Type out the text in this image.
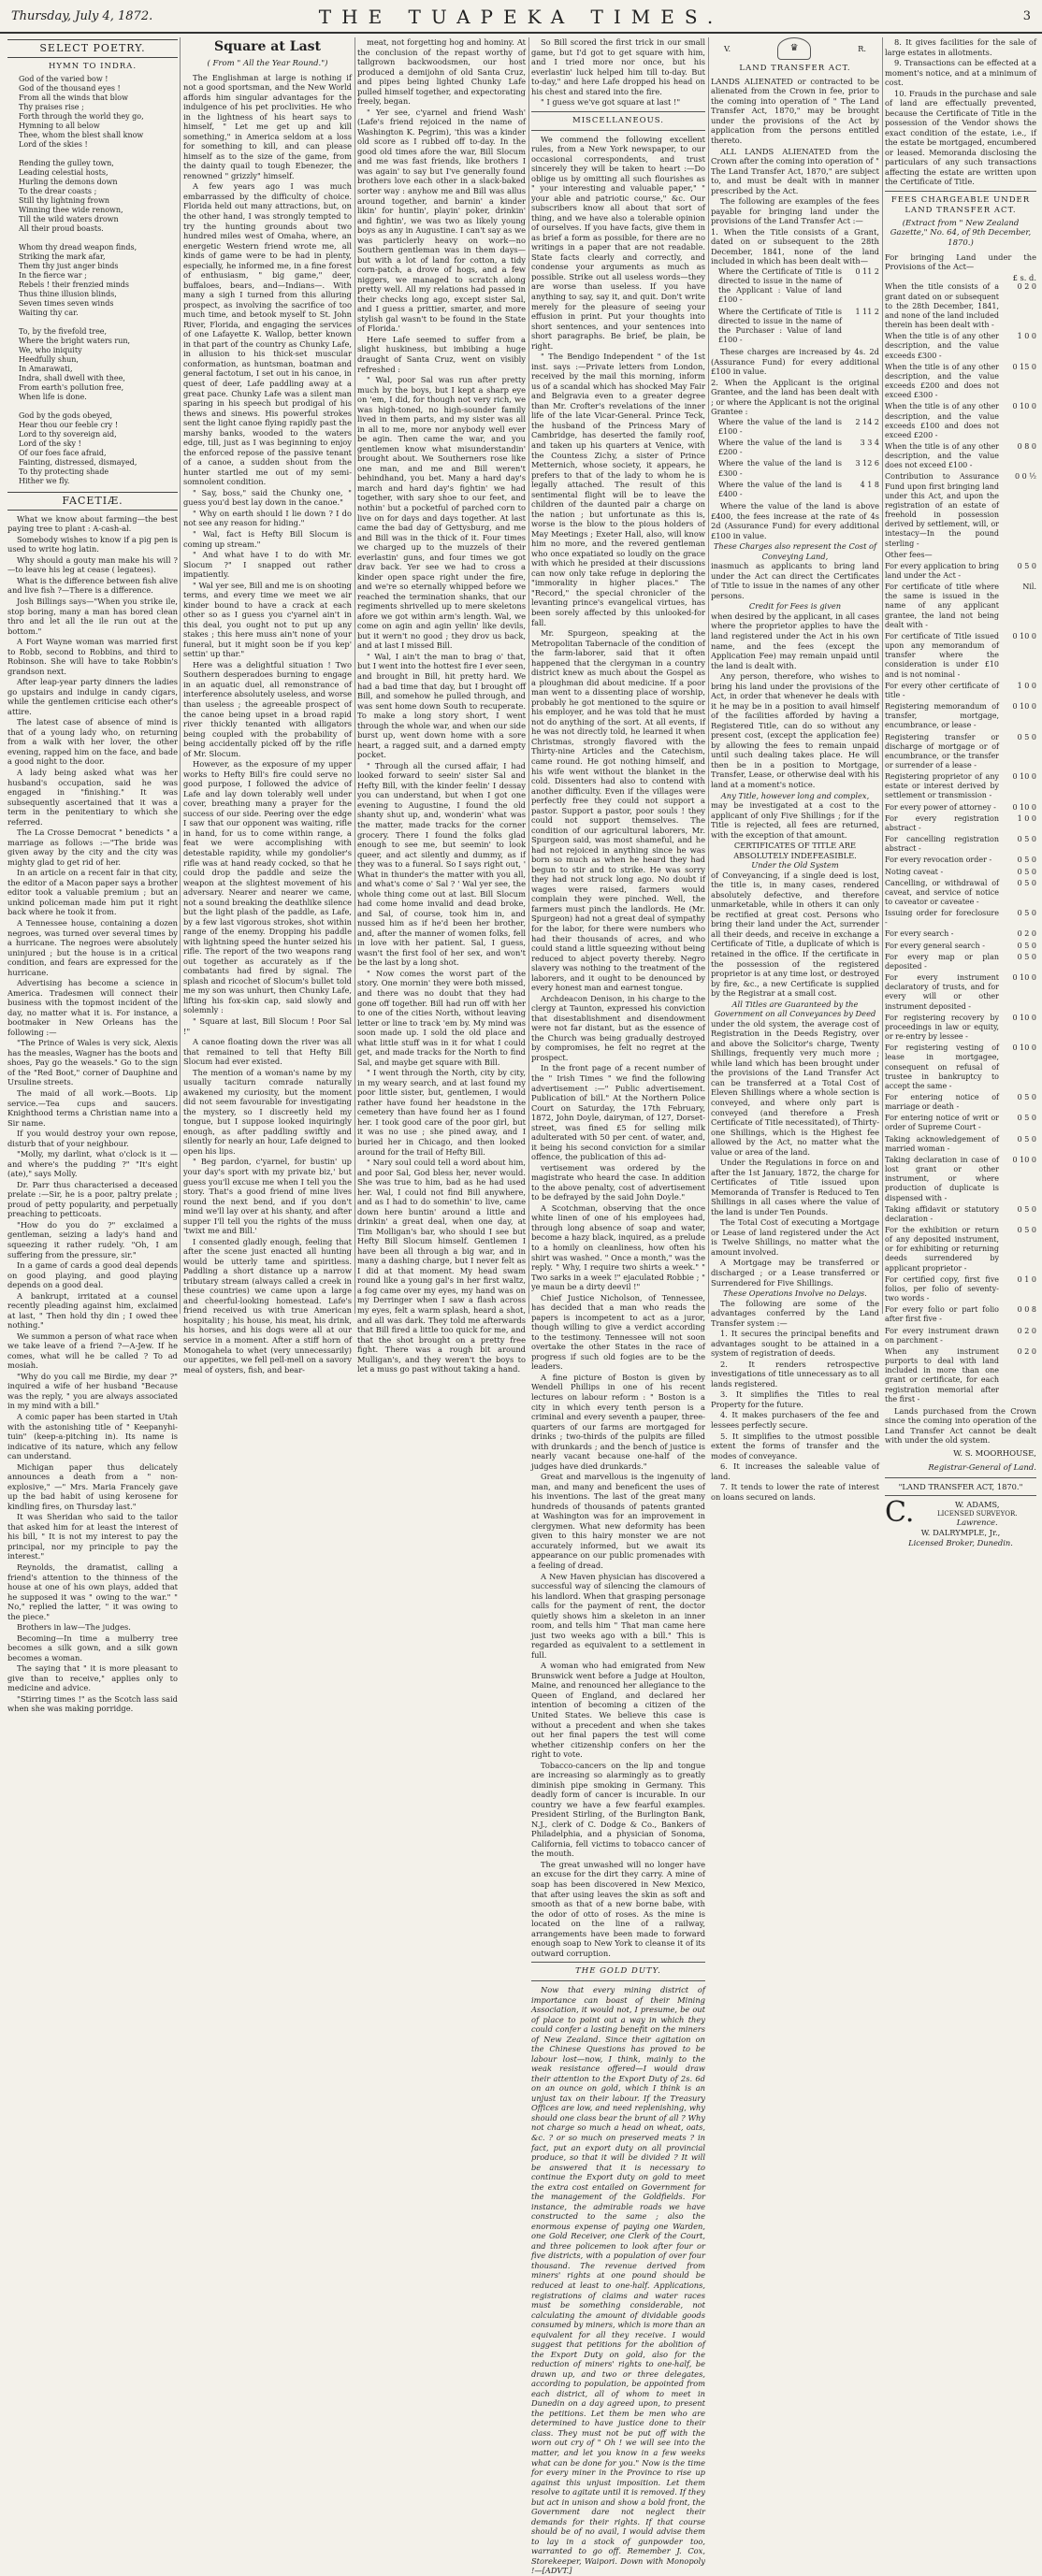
Thursday, July 4, 1872.	THE TUAPEKA TIMES.	3
SELECT POETRY.
HYMN TO INDRA.
God of the varied bow !
God of the thousand eyes !
From all the winds that blow
Thy praises rise ;
Forth through the world they go,
Hymning to all below
Thee, whom the blest shall know
Lord of the skies !

Rending the gulley town,
Leading celestial hosts,
Hurling the demons down
To the drear coasts ;
Still thy lightning frown
Winning thee wide renown,
Till the wild waters drown
All their proud boasts.

Whom thy dread weapon finds,
Striking the mark afar,
Them thy just anger binds
In the fierce war ;
Rebels ! their frenzied minds
Thus thine illusion blinds,
Seven times seven winds
Waiting thy car.

To, by the fivefold tree,
Where the bright waters run,
We, who iniquity
Heedfully shun,
In Amarawati,
Indra, shall dwell with thee,
From earth's pollution free,
When life is done.

God by the gods obeyed,
Hear thou our feeble cry !
Lord to thy sovereign aid,
Lord of the sky !
Of our foes face afraid,
Fainting, distressed, dismayed,
To thy protecting shade
Hither we fly.
FACETIÆ.

What we know about farming—the best paying tree to plant : A-cash-al.

Somebody wishes to know if a pig pen is used to write hog latin.

Why should a gouty man make his will ?—to leave his leg at cease ( legatees).

What is the difference between fish alive and live fish ?—There is a difference.

Josh Billings says—"When you strike ile, stop boring, many a man has bored clean thro and let all the ile run out at the bottom."

A Fort Wayne woman was married first to Robb, second to Robbins, and third to Robinson. She will have to take Robbin's grandson next.

After leap-year party dinners the ladies go upstairs and indulge in candy cigars, while the gentlemen criticise each other's attire.

The latest case of absence of mind is that of a young lady who, on returning from a walk with her lover, the other evening, rapped him on the face, and bade a good night to the door.

A lady being asked what was her husband's occupation, said he was engaged in "finishing." It was subsequently ascertained that it was a term in the penitentiary to which she referred.

The La Crosse Democrat " benedicts " a marriage as follows :—"The bride was given away by the city and the city was mighty glad to get rid of her.

In an article on a recent fair in that city, the editor of a Macon paper says a brother editor took a valuable premium ; but an unkind policeman made him put it right back where he took it from.

A Tennessee house, containing a dozen negroes, was turned over several times by a hurricane. The negroes were absolutely uninjured ; but the house is in a critical condition, and fears are expressed for the hurricane.

Advertising has become a science in America. Tradesmen will connect their business with the topmost incident of the day, no matter what it is. For instance, a bootmaker in New Orleans has the following :—

"The Prince of Wales is very sick, Alexis has the measles, Wagner has the boots and shoes, Pay go the weasels." Go to the sign of the "Red Boot," corner of Dauphine and Ursuline streets.

The maid of all work.—Boots. Lip service.—Tea cups and saucers. Knighthood terms a Christian name into a Sir name.

If you would destroy your own repose, disturb that of your neighbour.

"Molly, my darlint, what o'clock is it —and where's the pudding ?" "It's eight (ate)," says Molly.

Dr. Parr thus characterised a deceased prelate :—Sir, he is a poor, paltry prelate ; proud of petty popularity, and perpetually preaching to petticoats.

"How do you do ?" exclaimed a gentleman, seizing a lady's hand and squeezing it rather rudely. "Oh, I am suffering from the pressure, sir."

In a game of cards a good deal depends on good playing, and good playing depends on a good deal.

A bankrupt, irritated at a counsel recently pleading against him, exclaimed at last, " Then hold thy din ; I owed thee nothing."

We summon a person of what race when we take leave of a friend ?—A-Jew. If he comes, what will he be called ? To ad mosiah.

"Why do you call me Birdie, my dear ?" inquired a wife of her husband "Because was the reply, " you are always associated in my mind with a bill."

A comic paper has been started in Utah with the astonishing title of " Keepanyhi-tuin" (keep-a-pitching in). Its name is indicative of its nature, which any fellow can understand.

Michigan paper thus delicately announces a death from a " non-explosive," —" Mrs. Maria Francely gave up the bad habit of using kerosene for kindling fires, on Thursday last."

It was Sheridan who said to the tailor that asked him for at least the interest of his bill, " It is not my interest to pay the principal, nor my principle to pay the interest."

Reynolds, the dramatist, calling a friend's attention to the thinness of the house at one of his own plays, added that he supposed it was " owing to the war." " No," replied the latter, " it was owing to the piece."

Brothers in law—The judges.

Becoming—In time a mulberry tree becomes a silk gown, and a silk gown becomes a woman.

The saying that " it is more pleasant to give than to receive," applies only to medicine and advice.

"Stirring times !" as the Scotch lass said when she was making porridge.

Square at Last
( From " All the Year Round.")

The Englishman at large is nothing if not a good sportsman, and the New World affords him singular advantages for the indulgence of his pet proclivities. He who in the lightness of his heart says to himself, " Let me get up and kill something," in America seldom at a loss for something to kill, and can please himself as to the size of the game, from the dainty quail to tough Ebenezer, the renowned " grizzly" himself.

A few years ago I was much embarrassed by the difficulty of choice. Florida held out many attractions, but, on the other hand, I was strongly tempted to try the hunting grounds about two hundred miles west of Omaha, where, an energetic Western friend wrote me, all kinds of game were to be had in plenty, especially, he informed me, in a fine forest of enthusiasm, " big game," deer, buffaloes, bears, and—Indians—. With many a sigh I turned from this alluring prospect, as involving the sacrifice of too much time, and betook myself to St. John River, Florida, and engaging the services of one Lafayette K. Wallop, better known in that part of the country as Chunky Lafe, in allusion to his thick-set muscular conformation, as huntsman, boatman and general factotum, I set out in his canoe, in quest of deer, Lafe paddling away at a great pace. Chunky Lafe was a silent man sparing in his speech but prodigal of his thews and sinews. His powerful strokes sent the light canoe flying rapidly past the marshy banks, wooded to the waters edge, till, just as I was beginning to enjoy the enforced repose of the passive tenant of a canoe, a sudden shout from the hunter startled me out of my semi-somnolent condition.

" Say, boss," said the Chunky one, " guess you'd best lay down in the canoe."

" Why on earth should I lie down ? I do not see any reason for hiding."

" Wal, fact is Hefty Bill Slocum is coming up stream."

" And what have I to do with Mr. Slocum ?" I snapped out rather impatiently.

" Wal yer see, Bill and me is on shooting terms, and every time we meet we air kinder bound to have a crack at each other so as I guess you c'yarnel ain't in this deal, you ought not to put up any stakes ; this here muss ain't none of your funeral, but it might soon be if you kep' settin' up thar."

Here was a delightful situation ! Two Southern desperadoes burning to engage in an aquatic duel, all remonstrance of interference absolutely useless, and worse than useless ; the agreeable prospect of the canoe being upset in a broad rapid river thickly tenanted with alligators being coupled with the probability of being accidentally picked off by the rifle of Mr. Slocum.

However, as the exposure of my upper works to Hefty Bill's fire could serve no good purpose, I followed the advice of Lafe and lay down tolerably well under cover, breathing many a prayer for the success of our side. Peering over the edge I saw that our opponent was waiting, rifle in hand, for us to come within range, a feat we were accomplishing with detestable rapidity, while my gondolier's rifle was at hand ready cocked, so that he could drop the paddle and seize the weapon at the slightest movement of his adversary. Nearer and nearer we came, not a sound breaking the deathlike silence but the light plash of the paddle, as Lafe, by a few last vigorous strokes, shot within range of the enemy. Dropping his paddle with lightning speed the hunter seized his rifle. The report of the two weapons rang out together as accurately as if the combatants had fired by signal. The splash and ricochet of Slocum's bullet told me my son was unhurt, then Chunky Lafe, lifting his fox-skin cap, said slowly and solemnly :

" Square at last, Bill Slocum ! Poor Sal !"

A canoe floating down the river was all that remained to tell that Hefty Bill Slocum had ever existed.

The mention of a woman's name by my usually taciturn comrade naturally awakened my curiosity, but the moment did not seem favourable for investigating the mystery, so I discreetly held my tongue, but I suppose looked inquiringly enough, as after paddling swiftly and silently for nearly an hour, Lafe deigned to open his lips.

" Beg pardon, c'yarnel, for bustin' up your day's sport with my private biz,' but guess you'll excuse me when I tell you the story. That's a good friend of mine lives round the next bend, and if you don't mind we'll lay over at his shanty, and after supper I'll tell you the rights of the muss 'twixt me and Bill.'

I consented gladly enough, feeling that after the scene just enacted all hunting would be utterly tame and spiritless. Paddling a short distance up a narrow tributary stream (always called a creek in these countries) we came upon a large and cheerful-looking homestead. Lafe's friend received us with true American hospitality ; his house, his meat, his drink, his horses, and his dogs were all at our service in a moment. After a stiff horn of Monogahela to whet (very unnecessarily) our appetites, we fell pell-mell on a savory meal of oysters, fish, and bear-

meat, not forgetting hog and hominy. At the conclusion of the repast worthy of tallgrown backwoodsmen, our host produced a demijohn of old Santa Cruz, and pipes being lighted Chunky Lafe pulled himself together, and expectorating freely, began.

" Yer see, c'yarnel and friend Wash' (Lafe's friend rejoiced in the name of Washington K. Pegrim), 'this was a kinder old score as I rubbed off to-day. In the good old times afore the war, Bill Slocum and me was fast friends, like brothers I was again' to say but I've generally found brothers love each other in a slack-baked sorter way : anyhow me and Bill was allus around together, and barnin' a kinder likin' for huntin', playin' poker, drinkin' and fightin', we was two as likely young boys as any in Augustine. I can't say as we was particlerly heavy on work—no Southern gentleman was in them days—but with a lot of land for cotton, a tidy corn-patch, a drove of hogs, and a few niggers, we managed to scratch along pretty well. All my relations had passed in their checks long ago, except sister Sal, and I guess a prittier, smarter, and more stylish gal wasn't to be found in the State of Florida.'

Here Lafe seemed to suffer from a slight huskiness, but imbibing a huge draught of Santa Cruz, went on visibly refreshed :

" Wal, poor Sal was run after pretty much by the boys, but I kept a sharp eye on 'em, I did, for though not very rich, we was high-toned, no high-sounder family lived in them parts, and my sister was all in all to me, more nor anybody well ever be agin. Then came the war, and you gentlemen know what misunderstandin' brought about. We Southerners rose like one man, and me and Bill weren't behindhand, you bet. Many a hard day's march and hard day's fightin' we had together, with sary shoe to our feet, and nothin' but a pocketful of parched corn to live on for days and days together. At last came the bad day of Gettysburg, and me and Bill was in the thick of it. Four times we charged up to the muzzels of their everlastin' guns, and four times we got drav back. Yer see we had to cross a kinder open space right under the fire, and we're so eternally whipped before we reached the termination shanks, that our regiments shrivelled up to mere skeletons afore we got within arm's length. Wal, we come on agin and agin yellin' like devils, but it wern't no good ; they drov us back, and at last I missed Bill.

" Wal, I ain't the man to brag o' that, but I went into the hottest fire I ever seen, and brought in Bill, hit pretty hard. We had a bad time that day, but I brought off Bill, and somehow he pulled through, and was sent home down South to recuperate. To make a long story short, I went through the whole war, and when our side burst up, went down home with a sore heart, a ragged suit, and a darned empty pocket.

" Through all the cursed affair, I had looked forward to seein' sister Sal and Hefty Bill, with the kinder feelin' I dessay you can understand, but when I got one evening to Augustine, I found the old shanty shut up, and, wonderin' what was the matter, made tracks for the corner grocery. There I found the folks glad enough to see me, but seemin' to look queer, and act silently and dummy, as if they was to a funeral. So I says right out, ' What in thunder's the matter with you all, and what's come o' Sal ? ' Wal yer see, the whole thing come out at last. Bill Slocum had come home invalid and dead broke, and Sal, of course, took him in, and nussed him as if he'd been her brother, and, after the manner of women folks, fell in love with her patient. Sal, I guess, wasn't the first fool of her sex, and won't be the last by a long shot.

" Now comes the worst part of the story. One mornin' they were both missed, and there was no doubt that they had gone off together. Bill had run off with her to one of the cities North, without leaving letter or line to track 'em by. My mind was soon made up. I sold the old place and what little stuff was in it for what I could get, and made tracks for the North to find Sal, and maybe get square with Bill.

" I went through the North, city by city, in my weary search, and at last found my poor little sister, but, gentlemen, I would rather have found her headstone in the cemetery than have found her as I found her. I took good care of the poor girl, but it was no use ; she pined away, and I buried her in Chicago, and then looked around for the trail of Hefty Bill.

" Nary soul could tell a word about him, and poor Sal, God bless her, never would. She was true to him, bad as he had used her. Wal, I could not find Bill anywhere, and as I had to do somethin' to live, came down here buntin' around a little and drinkin' a great deal, when one day, at Tim Molligan's bar, who should I see but Hefty Bill Slocum himself. Gentlemen I have been all through a big war, and in many a dashing charge, but I never felt as I did at that moment. My head swam round like a young gal's in her first waltz, a fog came over my eyes, my hand was on my Derringer when I saw a flash across my eyes, felt a warm splash, heard a shot, and all was dark. They told me afterwards that Bill fired a little too quick for me, and that the shot brought on a pretty free fight. There was a rough bit around Mulligan's, and they weren't the boys to let a muss go past without taking a hand.

So Bill scored the first trick in our small game, but I'd got to get square with him, and I tried more nor once, but his everlastin' luck helped him till to-day. But to-day," and here Lafe dropped his head on his chest and stared into the fire.

" I guess we've got square at last !"

MISCELLANEOUS.

We commend the following excellent rules, from a New York newspaper, to our occasional correspondents, and trust sincerely they will be taken to heart :—Do oblige us by omitting all such flourishes as " your interesting and valuable paper," " your able and patriotic course," &c. Our subscribers know all about that sort of thing, and we have also a tolerable opinion of ourselves. If you have facts, give them in as brief a form as possible, for there are no writings in a paper that are not readable. State facts clearly and correctly, and condense your arguments as much as possible. Strike out all useless words—they are worse than useless. If you have anything to say, say it, and quit. Don't write merely for the pleasure of seeing your effusion in print. Put your thoughts into short sentences, and your sentences into short paragraphs. Be brief, be plain, be right.

" The Bendigo Independent " of the 1st inst. says :—Private letters from London, received by the mail this morning, inform us of a scandal which has shocked May Fair and Belgravia even to a greater degree than Mr. Crofter's revelations of the inner life of the late Vicar-General. Prince Teck, the husband of the Princess Mary of Cambridge, has deserted the family roof, and taken up his quarters at Venice, with the Countess Zichy, a sister of Prince Metternich, whose society, it appears, he prefers to that of the lady to whom he is legally attached. The result of this sentimental flight will be to leave the children of the daunted pair a charge on the nation ; but unfortunate as this is, worse is the blow to the pious holders of May Meetings ; Exeter Hall, also, will know him no more, and the revered gentleman who once expatiated so loudly on the grace with which he presided at their discussions can now only take refuge in deploring the "immorality in higher places." The "Record," the special chronicler of the levanting prince's evangelical virtues, has been sorely affected by this unlooked-for fall.

Mr. Spurgeon, speaking at the Metropolitan Tabernacle of the condition of the farm-laborer, said that it often happened that the clergyman in a country district knew as much about the Gospel as a ploughman did about medicine. If a poor man went to a dissenting place of worship, probably he got mentioned to the squire or his employer, and he was told that he must not do anything of the sort. At all events, if he was not directly told, he learned it when Christmas, strongly flavored with the Thirty-nine Articles and the Catechism, came round. He got nothing himself, and his wife went without the blanket in the cold. Dissenters had also to contend with another difficulty. Even if the villages were perfectly free they could not support a pastor. Support a pastor, poor souls ! they could not support themselves. The condition of our agricultural laborers, Mr. Spurgeon said, was most shameful, and he had not rejoiced in anything since he was born so much as when he heard they had begun to stir and to strike. He was sorry they had not struck long ago. No doubt if wages were raised, farmers would complain they were pinched. Well, the farmers must pinch the landlords. He (Mr. Spurgeon) had not a great deal of sympathy for the labor, for there were numbers who had their thousands of acres, and who could stand a little squeezing without being reduced to abject poverty thereby. Negro slavery was nothing to the treatment of the laborers, and it ought to be denounced by every honest man and earnest tongue.

Archdeacon Denison, in his charge to the clergy at Taunton, expressed his conviction that disestablishment and disendowment were not far distant, but as the essence of the Church was being gradually destroyed by compromises, he felt no regret at the prospect.

In the front page of a recent number of the " Irish Times " we find the following advertisement :—" Public advertisement. Publication of bill." At the Northern Police Court on Saturday, the 17th February, 1872, John Doyle, dairyman, of 127, Dorset-street, was fined £5 for selling milk adulterated with 50 per cent. of water, and, it being his second conviction for a similar offence, the publication of this ad-

vertisement was ordered by the magistrate who heard the case. In addition to the above penalty, cost of advertisement to be defrayed by the said John Doyle."

A Scotchman, observing that the once white linen of one of his employees had, through long absence of soap and water, become a hazy black, inquired, as a prelude to a homily on cleanliness, how often his shirt was washed. " Once a month," was the reply. " Why, I require two shirts a week." " Two sarks in a week !" ejaculated Robbie ; " ye maun be a dirty deevil !"

Chief Justice Nicholson, of Tennessee, has decided that a man who reads the papers is incompetent to act as a juror, though willing to give a verdict according to the testimony. Tennessee will not soon overtake the other States in the race of progress if such old fogies are to be the leaders.

A fine picture of Boston is given by Wendell Phillips in one of his recent lectures on labour reform : " Boston is a city in which every tenth person is a criminal and every seventh a pauper, three-quarters of our farms are mortgaged for drinks ; two-thirds of the pulpits are filled with drunkards ; and the bench of justice is nearly vacant because one-half of the judges have died drunkards."

Great and marvellous is the ingenuity of man, and many and beneficent the uses of his inventions. The last of the great many hundreds of thousands of patents granted at Washington was for an improvement in clergymen. What new deformity has been given to this hairy monster we are not accurately informed, but we await its appearance on our public promenades with a feeling of dread.

A New Haven physician has discovered a successful way of silencing the clamours of his landlord. When that grasping personage calls for the payment of rent, the doctor quietly shows him a skeleton in an inner room, and tells him " That man came here just two weeks ago with a bill." This is regarded as equivalent to a settlement in full.

A woman who had emigrated from New Brunswick went before a Judge at Houlton, Maine, and renounced her allegiance to the Queen of England, and declared her intention of becoming a citizen of the United States. We believe this case is without a precedent and when she takes out her final papers the test will come whether citizenship confers on her the right to vote.

Tobacco-cancers on the lip and tongue are increasing so alarmingly as to greatly diminish pipe smoking in Germany. This deadly form of cancer is incurable. In our country we have a few fearful examples. President Stirling, of the Burlington Bank, N.J., clerk of C. Dodge & Co., Bankers of Philadelphia, and a physician of Sonoma, California, fell victims to tobacco cancer of the mouth.

The great unwashed will no longer have an excuse for the dirt they carry. A mine of soap has been discovered in New Mexico, that after using leaves the skin as soft and smooth as that of a new borne babe, with the odor of otto of roses. As the mine is located on the line of a railway, arrangements have been made to forward enough soap to New York to cleanse it of its outward corruption.

THE GOLD DUTY.

Now that every mining district of importance can boast of their Mining Association, it would not, I presume, be out of place to point out a way in which they could confer a lasting benefit on the miners of New Zealand. Since their agitation on the Chinese Questions has proved to be labour lost—now, I think, mainly to the weak resistance offered—I would draw their attention to the Export Duty of 2s. 6d on an ounce on gold, which I think is an unjust tax on their labour. If the Treasury Offices are low, and need replenishing, why should one class bear the brunt of all ? Why not charge so much a head on wheat, oats, &c. ? or so much on preserved meats ? in fact, put an export duty on all provincial produce, so that it will be divided ? It will be answered that it is necessary to continue the Export duty on gold to meet the extra cost entailed on Government for the management of the Goldfields. For instance, the admirable roads we have constructed to the same ; also the enormous expense of paying one Warden, one Gold Receiver, one Clerk of the Court, and three policemen to look after four or five districts, with a population of over four thousand. The revenue derived from miners' rights at one pound should be reduced at least to one-half. Applications, registrations of claims and water races must be something considerable, not calculating the amount of dividable goods consumed by miners, which is more than an equivalent for all they receive. I would suggest that petitions for the abolition of the Export Duty on gold, also for the reduction of miners' rights to one-half, be drawn up, and two or three delegates, according to population, be appointed from each district, all of whom to meet in Dunedin on a day agreed upon, to present the petitions. Let them be men who are determined to have justice done to their class. They must not be put off with the worn out cry of " Oh ! we will see into the matter, and let you know in a few weeks what can be done for you." Now is the time for every miner in the Province to rise up against this unjust imposition. Let them resolve to agitate until it is removed. If they but act in unison and show a bold front, the Government dare not neglect their demands for their rights. If that course should be of no avail, I would advise them to lay in a stock of gunpowder too, warranted to go off. Remember J. Cox, Storekeeper, Waipori. Down with Monopoly !—[ADVT.]

8. It gives facilities for the sale of large estates in allotments.

9. Transactions can be effected at a moment's notice, and at a minimum of cost.

10. Frauds in the purchase and sale of land are effectually prevented, because the Certificate of Title in the possession of the Vendor shows the exact condition of the estate, i.e., if the estate be mortgaged, encumbered or leased. Memoranda disclosing the particulars of any such transactions affecting the estate are written upon the Certificate of Title.

FEES CHARGEABLE UNDER LAND TRANSFER ACT.
(Extract from " New Zealand Gazette," No. 64, of 9th December, 1870.)

For bringing Land under the Provisions of the Act—

£ s. d.
When the title consists of a grant dated on or subsequent to the 28th December, 1841, and none of the land included therein has been dealt with -	0 2 0
When the title is of any other description, and the value exceeds £300 -	1 0 0
When the title is of any other description, and the value exceeds £200 and does not exceed £300 -	0 15 0
When the title is of any other description, and the value exceeds £100 and does not exceed £200 -	0 10 0
When the title is of any other description, and the value does not exceed £100 -	0 8 0
Contribution to Assurance Fund upon first bringing land under this Act, and upon the registration of an estate of freehold in possession derived by settlement, will, or intestacy—In the pound sterling -	0 0 ½
Other fees—	
For every application to bring land under the Act -	0 5 0
For certificate of title where the same is issued in the name of any applicant grantee, the land not being dealt with -	Nil.
For certificate of Title issued upon any memorandum of transfer where the consideration is under £10 and is not nominal -	0 10 0
For every other certificate of title -	1 0 0
Registering memorandum of transfer, mortgage, encumbrance, or lease -	0 10 0
Registering transfer or discharge of mortgage or of encumbrance, or the transfer or surrender of a lease -	0 5 0
Registering proprietor of any estate or interest derived by settlement or transmission -	0 10 0
For every power of attorney -	0 10 0
For every registration abstract -	1 0 0
For cancelling registration abstract -	0 5 0
For every revocation order -	0 5 0
Noting caveat -	0 5 0
Cancelling, or withdrawal of caveat, and service of notice to caveator or caveatee -	0 5 0
Issuing order for foreclosure -	0 5 0
For every search -	0 2 0
For every general search -	0 5 0
For every map or plan deposited -	0 5 0
For every instrument declaratory of trusts, and for every will or other instrument deposited -	0 10 0
For registering recovery by proceedings in law or equity, or re-entry by lessee -	0 10 0
For registering vesting of lease in mortgagee, consequent on refusal of trustee in bankruptcy to accept the same -	0 10 0
For entering notice of marriage or death -	0 5 0
For entering notice of writ or order of Supreme Court -	0 5 0
Taking acknowledgement of married woman -	0 5 0
Taking declaration in case of lost grant or other instrument, or where production of duplicate is dispensed with -	0 10 0
Taking affidavit or statutory declaration -	0 5 0
For the exhibition or return of any deposited instrument, or for exhibiting or returning deeds surrendered by applicant proprietor -	0 5 0
For certified copy, first five folios, per folio of seventy-two words -	0 1 0
For every folio or part folio after first five -	0 0 8
For every instrument drawn on parchment -	0 2 0
When any instrument purports to deal with land included in more than one grant or certificate, for each registration memorial after the first -	0 2 0

Lands purchased from the Crown since the coming into operation of the Land Transfer Act cannot be dealt with under the old system.

W. S. MOORHOUSE,
Registrar-General of Land.
"LAND TRANSFER ACT, 1870."
C.	W. ADAMS,
LICENSED SURVEYOR.
Lawrence.
W. DALRYMPLE, Jr.,
Licensed Broker, Dunedin.
V.	♛	R.
LAND TRANSFER ACT.

LANDS ALIENATED or contracted to be alienated from the Crown in fee, prior to the coming into operation of " The Land Transfer Act, 1870," may be brought under the provisions of the Act by application from the persons entitled thereto.

ALL LANDS ALIENATED from the Crown after the coming into operation of " The Land Transfer Act, 1870," are subject to, and must be dealt with in manner prescribed by the Act.

The following are examples of the fees payable for bringing land under the provisions of the Land Transfer Act :—

1. When the Title consists of a Grant, dated on or subsequent to the 28th December, 1841, none of the land included in which has been dealt with—

Where the Certificate of Title is directed to issue in the name of the Applicant : Value of land £100 -	0 11 2
Where the Certificate of Title is directed to issue in the name of the Purchaser : Value of land £100 -	1 11 2

These charges are increased by 4s. 2d (Assurance Fund) for every additional £100 in value.

2. When the Applicant is the original Grantee, and the land has been dealt with ; or where the Applicant is not the original Grantee :

Where the value of the land is £100 -	2 14 2
Where the value of the land is £200 -	3 3 4
Where the value of the land is £300 -	3 12 6
Where the value of the land is £400 -	4 1 8

Where the value of the land is above £400, the fees increase at the rate of 4s 2d (Assurance Fund) for every additional £100 in value.

These Charges also represent the Cost of Conveying Land,

inasmuch as applicants to bring land under the Act can direct the Certificates of Title to issue in the names of any other persons.

Credit for Fees is given

when desired by the applicant, in all cases where the proprietor applies to have the land registered under the Act in his own name, and the fees (except the Application Fee) may remain unpaid until the land is dealt with.

Any person, therefore, who wishes to bring his land under the provisions of the Act, in order that whenever he deals with it he may be in a position to avail himself of the facilities afforded by having a Registered Title, can do so without any present cost, (except the application fee) by allowing the fees to remain unpaid until such dealing takes place. He will then be in a position to Mortgage, Transfer, Lease, or otherwise deal with his land at a moment's notice.

Any Title, however long and complex,

may be investigated at a cost to the applicant of only Five Shillings ; for if the Title is rejected, all fees are returned, with the exception of that amount.

CERTIFICATES OF TITLE ARE ABSOLUTELY INDEFEASIBLE.
Under the Old System

of Conveyancing, if a single deed is lost, the title is, in many cases, rendered absolutely defective, and therefore unmarketable, while in others it can only be rectified at great cost. Persons who bring their land under the Act, surrender all their deeds, and receive in exchange a Certificate of Title, a duplicate of which is retained in the office. If the certificate in the possession of the registered proprietor is at any time lost, or destroyed by fire, &c., a new Certificate is supplied by the Registrar at a small cost.

All Titles are Guaranteed by the Government on all Conveyances by Deed

under the old system, the average cost of Registration in the Deeds Registry, over and above the Solicitor's charge, Twenty Shillings, frequently very much more ; while land which has been brought under the provisions of the Land Transfer Act can be transferred at a Total Cost of Eleven Shillings where a whole section is conveyed, and where only part is conveyed (and therefore a Fresh Certificate of Title necessitated), of Thirty-one Shillings, which is the Highest fee allowed by the Act, no matter what the value or area of the land.

Under the Regulations in force on and after the 1st January, 1872, the charge for Certificates of Title issued upon Memoranda of Transfer is Reduced to Ten Shillings in all cases where the value of the land is under Ten Pounds.

The Total Cost of executing a Mortgage or Lease of land registered under the Act is Twelve Shillings, no matter what the amount involved.

A Mortgage may be transferred or discharged ; or a Lease transferred or Surrendered for Five Shillings.

These Operations Involve no Delays.

The following are some of the advantages conferred by the Land Transfer system :—

1. It secures the principal benefits and advantages sought to be attained in a system of registration of deeds.

2. It renders retrospective investigations of title unnecessary as to all lands registered.

3. It simplifies the Titles to real Property for the future.

4. It makes purchasers of the fee and lessees perfectly secure.

5. It simplifies to the utmost possible extent the forms of transfer and the modes of conveyance.

6. It increases the saleable value of land.

7. It tends to lower the rate of interest on loans secured on lands.
